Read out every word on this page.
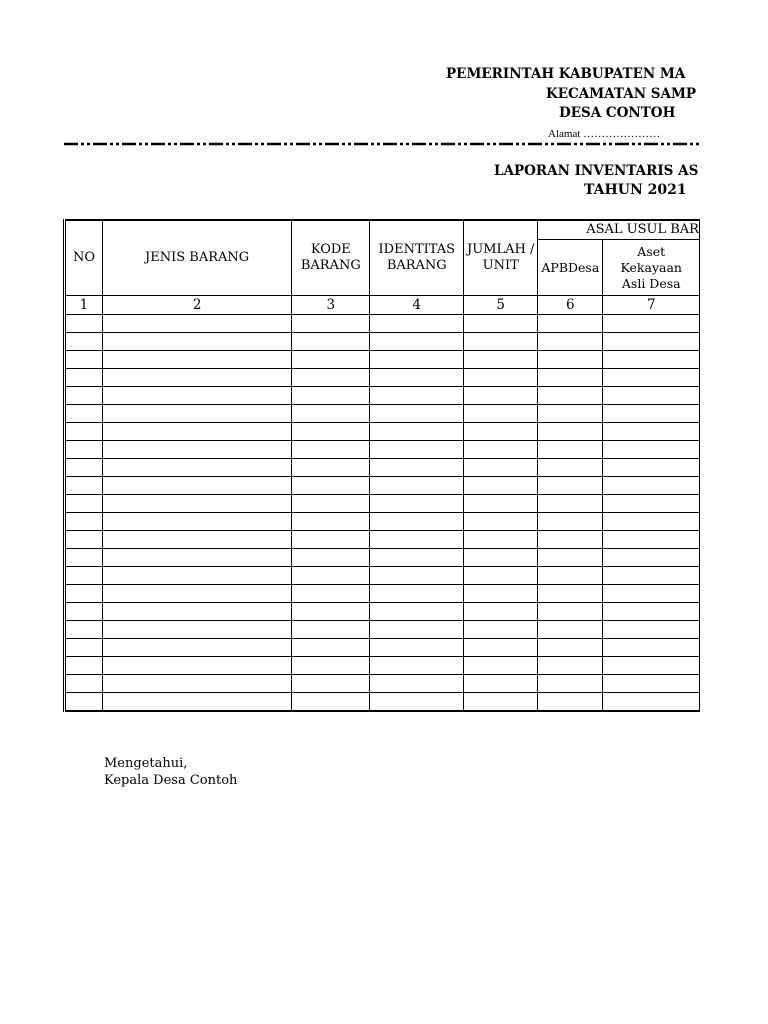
PEMERINTAH KABUPATEN MA
KECAMATAN SAMP
DESA CONTOH
Alamat …………………
LAPORAN INVENTARIS AS
TAHUN 2021
NO	JENIS BARANG	KODE BARANG	IDENTITAS BARANG	JUMLAH / UNIT	ASAL USUL BAR	
					APBDesa	Aset Kekayaan Asli Desa
1	2	3	4	5	6	7

Mengetahui,
Kepala Desa Contoh
